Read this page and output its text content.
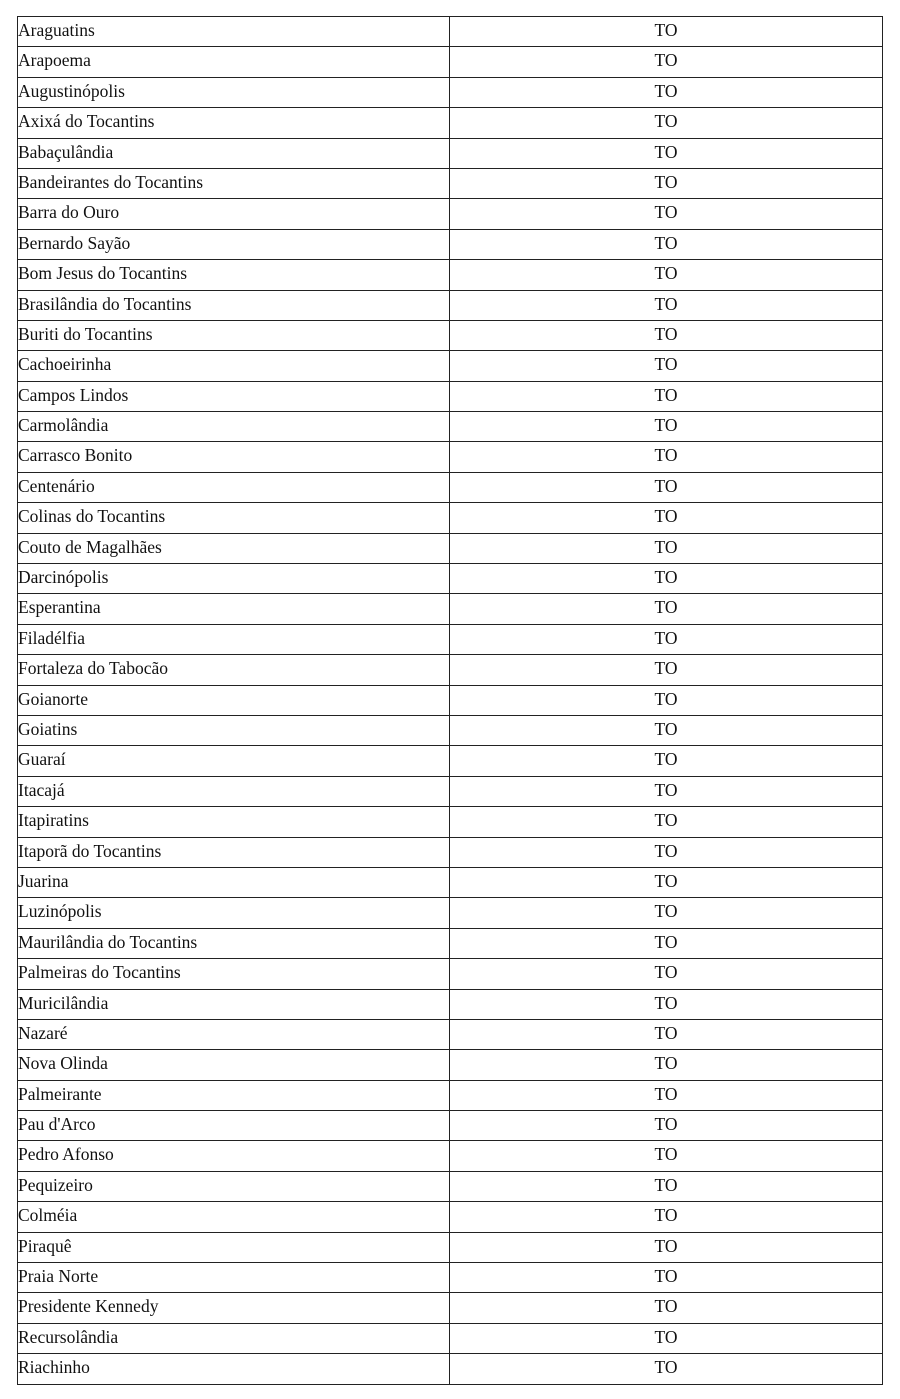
Araguatins	TO
Arapoema	TO
Augustinópolis	TO
Axixá do Tocantins	TO
Babaçulândia	TO
Bandeirantes do Tocantins	TO
Barra do Ouro	TO
Bernardo Sayão	TO
Bom Jesus do Tocantins	TO
Brasilândia do Tocantins	TO
Buriti do Tocantins	TO
Cachoeirinha	TO
Campos Lindos	TO
Carmolândia	TO
Carrasco Bonito	TO
Centenário	TO
Colinas do Tocantins	TO
Couto de Magalhães	TO
Darcinópolis	TO
Esperantina	TO
Filadélfia	TO
Fortaleza do Tabocão	TO
Goianorte	TO
Goiatins	TO
Guaraí	TO
Itacajá	TO
Itapiratins	TO
Itaporã do Tocantins	TO
Juarina	TO
Luzinópolis	TO
Maurilândia do Tocantins	TO
Palmeiras do Tocantins	TO
Muricilândia	TO
Nazaré	TO
Nova Olinda	TO
Palmeirante	TO
Pau d'Arco	TO
Pedro Afonso	TO
Pequizeiro	TO
Colméia	TO
Piraquê	TO
Praia Norte	TO
Presidente Kennedy	TO
Recursolândia	TO
Riachinho	TO
